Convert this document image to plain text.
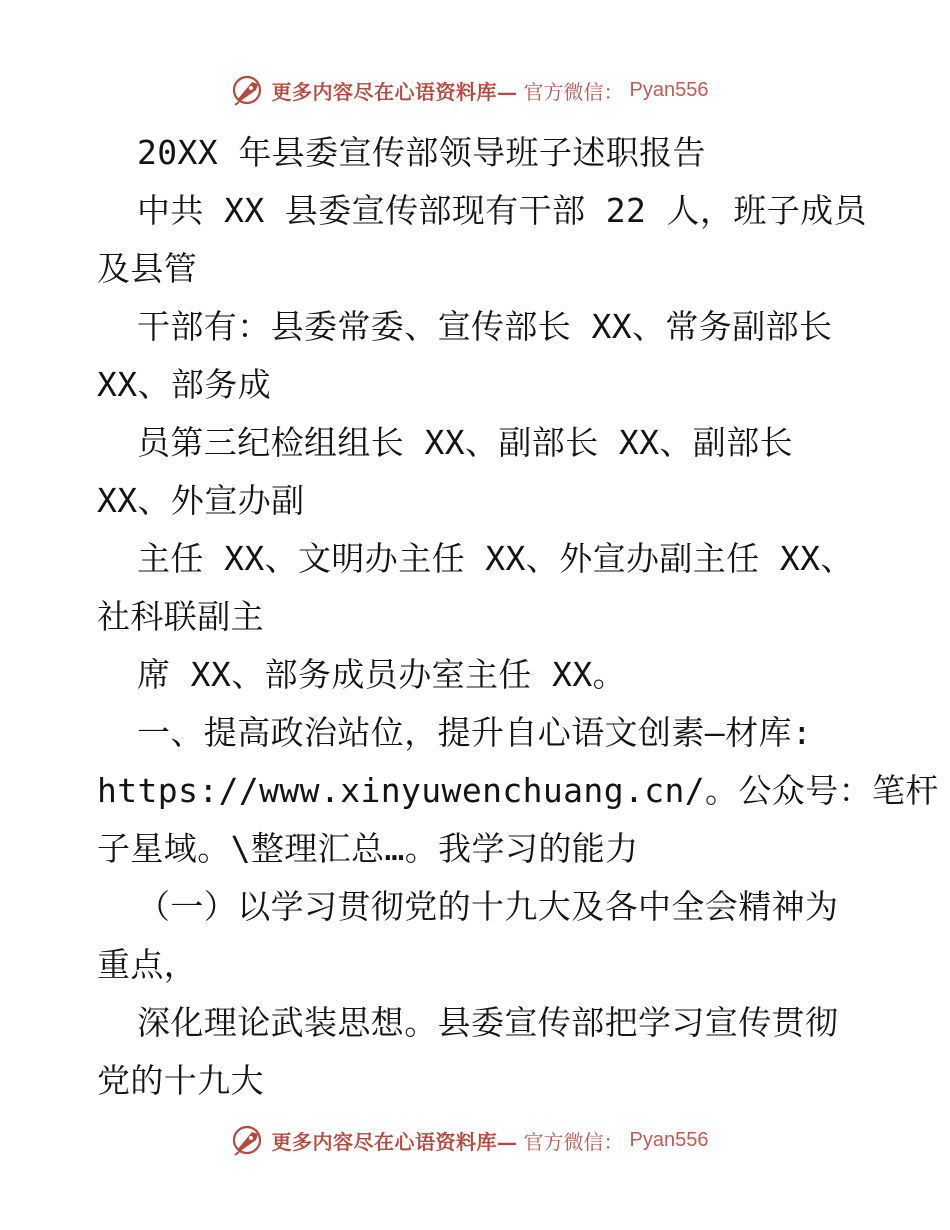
更多内容尽在心语资料库— 官方微信： Pyan556
20XX 年县委宣传部领导班子述职报告
中共 XX 县委宣传部现有干部 22 人，班子成员
及县管
干部有：县委常委、宣传部长 XX、常务副部长
XX、部务成
员第三纪检组组长 XX、副部长 XX、副部长
XX、外宣办副
主任 XX、文明办主任 XX、外宣办副主任 XX、
社科联副主
席 XX、部务成员办室主任 XX。
一、提高政治站位，提升自心语文创素—材库:
https://www.xinyuwenchuang.cn/。公众号：笔杆
子星域。\整理汇总…。我学习的能力
（一）以学习贯彻党的十九大及各中全会精神为
重点，
深化理论武装思想。县委宣传部把学习宣传贯彻
党的十九大
更多内容尽在心语资料库— 官方微信： Pyan556
